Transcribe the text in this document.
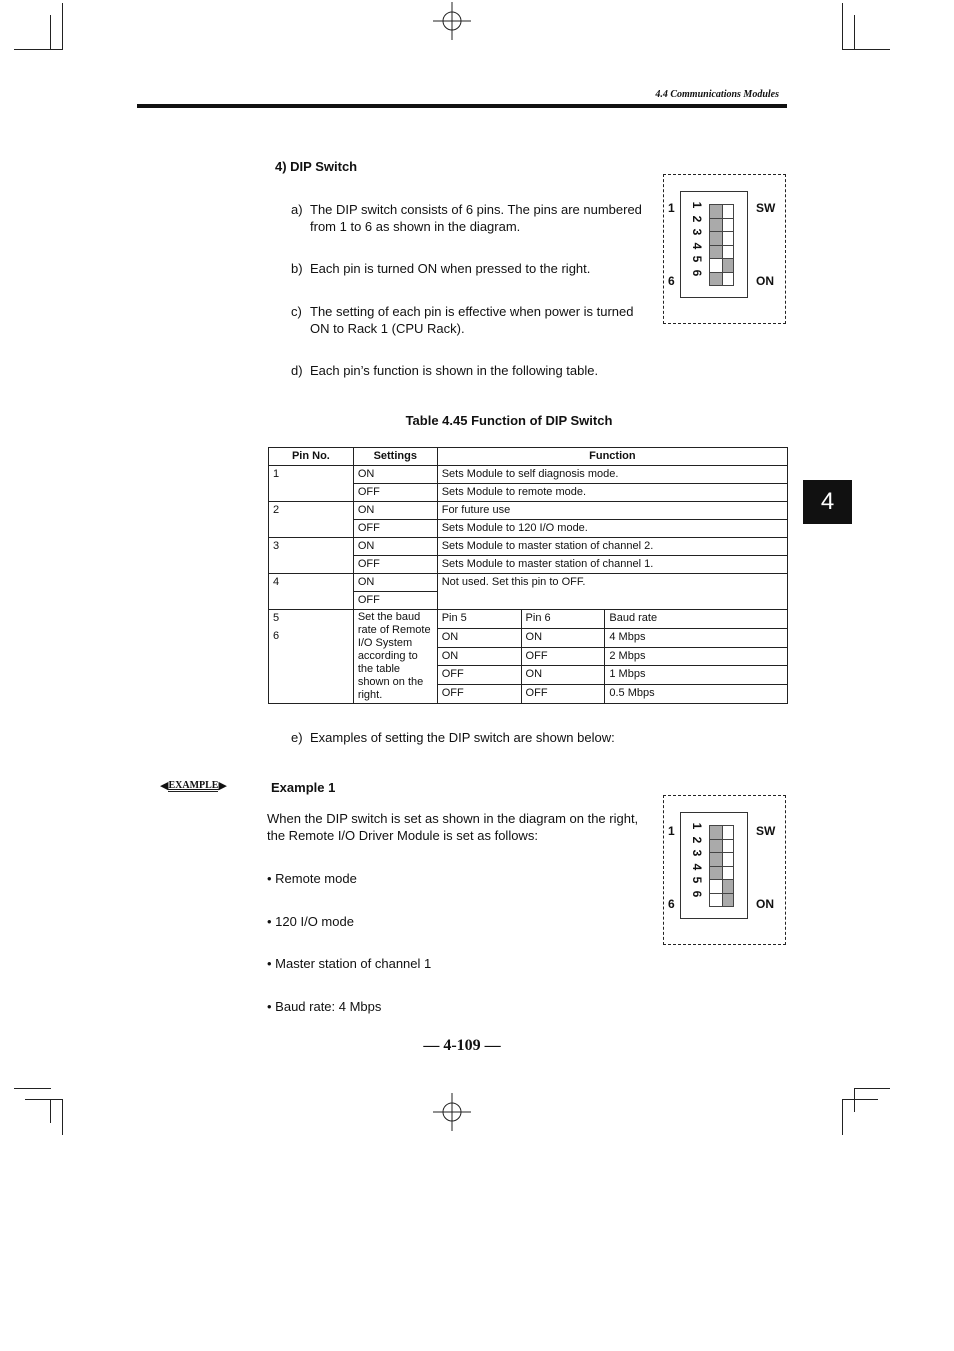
4.4 Communications Modules
4
4) DIP Switch
a) The DIP switch consists of 6 pins. The pins are numbered
from 1 to 6 as shown in the diagram.
b) Each pin is turned ON when pressed to the right.
c) The setting of each pin is effective when power is turned
ON to Rack 1 (CPU Rack).
d) Each pin’s function is shown in the following table.
1
6
SW
ON
1
2
3
4
5
6
Table 4.45 Function of DIP Switch
Pin No.	Settings	Function		
1	ON	Sets Module to self diagnosis mode.		
	OFF	Sets Module to remote mode.		
2	ON	For future use		
	OFF	Sets Module to 120 I/O mode.		
3	ON	Sets Module to master station of channel 2.		
	OFF	Sets Module to master station of channel 1.		
4	ON	Not used. Set this pin to OFF.		
	OFF			

5
6	Set the baud rate of Remote I/O System according to the table shown on the right.	Pin 5	Pin 6	Baud rate
		ON	ON	4 Mbps
		ON	OFF	2 Mbps
		OFF	ON	1 Mbps
		OFF	OFF	0.5 Mbps
e) Examples of setting the DIP switch are shown below:
◀ EXAMPLE ▶	Example 1
When the DIP switch is set as shown in the diagram on the right,
the Remote I/O Driver Module is set as follows:
• Remote mode
• 120 I/O mode
• Master station of channel 1
• Baud rate: 4 Mbps
1
6
SW
ON
1
2
3
4
5
6
— 4-109 —
